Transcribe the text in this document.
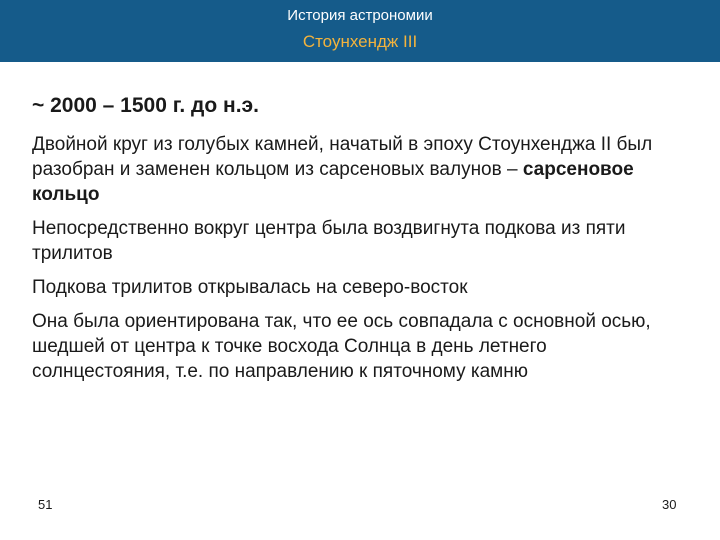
История астрономии
Стоунхендж III
~ 2000 – 1500 г. до н.э.

Двойной круг из голубых камней, начатый в эпоху Стоунхенджа II был разобран и заменен кольцом из сарсеновых валунов – сарсеновое кольцо

Непосредственно вокруг центра была воздвигнута подкова из пяти трилитов

Подкова трилитов открывалась на северо-восток

Она была ориентирована так, что ее ось совпадала с основной осью, шедшей от центра к точке восхода Солнца в день летнего солнцестояния, т.е. по направлению к пяточному камню

51	30
